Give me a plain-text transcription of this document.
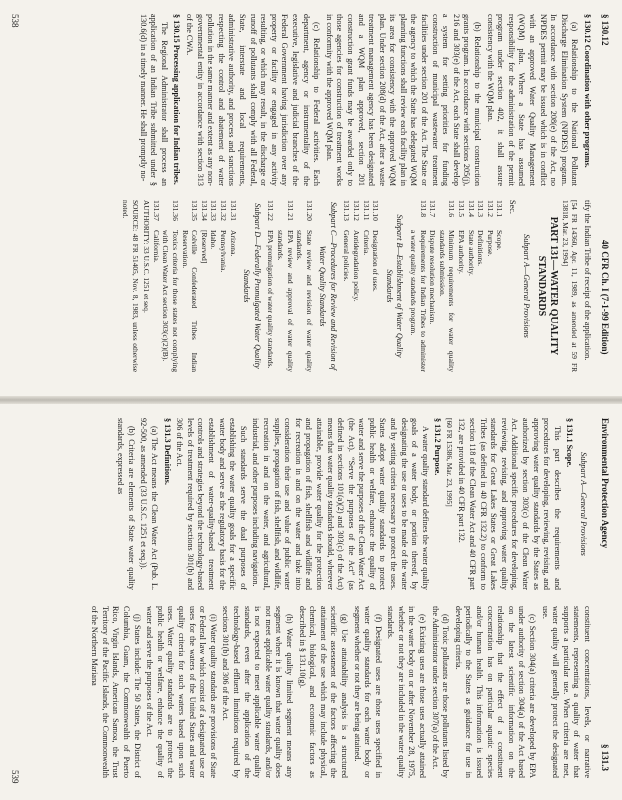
§ 130.12
40 CFR Ch. I (7-1-99 Edition)

§ 130.12 Coordination with other programs.

(a) Relationship to the National Pollutant Discharge Elimination System (NPDES) program. In accordance with section 208(e) of the Act, no NPDES permit may be issued which is in conflict with an approved Water Quality Management (WQM) plan. Where a State has assumed responsibility for the administration of the permit program under section 402, it shall assure consistency with the WQM plan.

(b) Relationship to the municipal construction grants program. In accordance with sections 205(j), 216 and 303(e) of the Act, each State shall develop a system for setting priorities for funding construction of municipal wastewater treatment facilities under section 201 of the Act. The State or the agency to which the State has delegated WQM planning functions shall review each facility plan in its area for consistency with the approved WQM plan. Under section 208(d) of the Act, after a waste treatment management agency has been designated and a WQM plan approved, section 201 construction grant funds may be awarded only to those agencies for construction of treatment works in conformity with the approved WQM plan.

(c) Relationship to Federal activities. Each department, agency or instrumentality of the executive, legislative and judicial branches of the Federal Government having jurisdiction over any property or facility or engaged in any activity resulting, or which may result, in the discharge or runoff of pollutants shall comply with all Federal, State, interstate and local requirements, administrative authority, and process and sanctions respecting the control and abatement of water pollution in the same manner and extent as any non-governmental entity in accordance with section 313 of the CWA.

§ 130.15 Processing application for Indian tribes.

The Regional Administrator shall process an application of an Indian Tribe submitted under § 130.6(d) in a timely manner. He shall promptly no-

tify the Indian Tribe of receipt of the application.

[54 FR 14360, Apr. 11, 1989, as amended at 59 FR 13818, Mar. 23, 1994]

PART 131—WATER QUALITY STANDARDS
Subpart A—General Provisions

Sec.

131.1
Scope.
131.2
Purpose.
131.3
Definitions.
131.4
State authority.
131.5
EPA authority.
131.6
Minimum requirements for water quality standards submission.
131.7
Dispute resolution mechanism.
131.8
Requirements for Indian Tribes to administer a water quality standards program.
Subpart B—Establishment of Water Quality Standards
131.10
Designation of uses.
131.11
Criteria.
131.12
Antidegradation policy.
131.13
General policies.
Subpart C—Procedures for Review and Revision of Water Quality Standards
131.20
State review and revision of water quality standards.
131.21
EPA review and approval of water quality standards.
131.22
EPA promulgation of water quality standards.
Subpart D—Federally Promulgated Water Quality Standards
131.31
Arizona.
131.32
Pennsylvania.
131.33
Idaho.
131.34
[Reserved]
131.35
Colville Confederated Tribes Indian Reservation.
131.36
Toxics criteria for those states not complying with Clean Water Act section 303(c)(2)(B).
131.37
California.

AUTHORITY: 33 U.S.C. 1251 et seq.

SOURCE: 48 FR 51405, Nov. 8, 1983, unless otherwise noted.

538
Environmental Protection Agency
§ 131.3
Subpart A—General Provisions

§ 131.1 Scope.

This part describes the requirements and procedures for developing, reviewing, revising, and approving water quality standards by the States as authorized by section 303(c) of the Clean Water Act. Additional specific procedures for developing, reviewing, revising, and approving water quality standards for Great Lakes States or Great Lakes Tribes (as defined in 40 CFR 132.2) to conform to section 118 of the Clean Water Act and 40 CFR part 132, are provided in 40 CFR part 132.

[60 FR 15386, Mar. 23, 1995]

§ 131.2 Purpose.

A water quality standard defines the water quality goals of a water body, or portion thereof, by designating the use or uses to be made of the water and by setting criteria necessary to protect the uses. States adopt water quality standards to protect public health or welfare, enhance the quality of water and serve the purposes of the Clean Water Act (the Act). “Serve the purposes of the Act” (as defined in sections 101(a)(2) and 303(c) of the Act) means that water quality standards should, wherever attainable, provide water quality for the protection and propagation of fish, shellfish and wildlife and for recreation in and on the water and take into consideration their use and value of public water supplies, propagation of fish, shellfish, and wildlife, recreation in and on the water, and agricultural, industrial, and other purposes including navigation.

Such standards serve the dual purposes of establishing the water quality goals for a specific water body and serve as the regulatory basis for the establishment of water-quality-based treatment controls and strategies beyond the technology-based levels of treatment required by sections 301(b) and 306 of the Act.

§ 131.3 Definitions.

(a) The Act means the Clean Water Act (Pub. L. 92-500, as amended (33 U.S.C. 1251 et seq.)).

(b) Criteria are elements of State water quality standards, expressed as

constituent concentrations, levels, or narrative statements, representing a quality of water that supports a particular use. When criteria are met, water quality will generally protect the designated use.

(c) Section 304(a) criteria are developed by EPA under authority of section 304(a) of the Act based on the latest scientific information on the relationship that the effect of a constituent concentration has on particular aquatic species and/or human health. This information is issued periodically to the States as guidance for use in developing criteria.

(d) Toxic pollutants are those pollutants listed by the Administrator under section 307(a) of the Act.

(e) Existing uses are those uses actually attained in the water body on or after November 28, 1975, whether or not they are included in the water quality standards.

(f) Designated uses are those uses specified in water quality standards for each water body or segment whether or not they are being attained.

(g) Use attainability analysis is a structured scientific assessment of the factors affecting the attainment of the use which may include physical, chemical, biological, and economic factors as described in § 131.10(g).

(h) Water quality limited segment means any segment where it is known that water quality does not meet applicable water quality standards, and/or is not expected to meet applicable water quality standards, even after the application of the technology-based effluent limitations required by sections 301(b) and 306 of the Act.

(i) Water quality standards are provisions of State or Federal law which consist of a designated use or uses for the waters of the United States and water quality criteria for such waters based upon such uses. Water quality standards are to protect the public health or welfare, enhance the quality of water and serve the purposes of the Act.

(j) States include: The 50 States, the District of Columbia, Guam, the Commonwealth of Puerto Rico, Virgin Islands, American Samoa, the Trust Territory of the Pacific Islands, the Commonwealth of the Northern Mariana

539
